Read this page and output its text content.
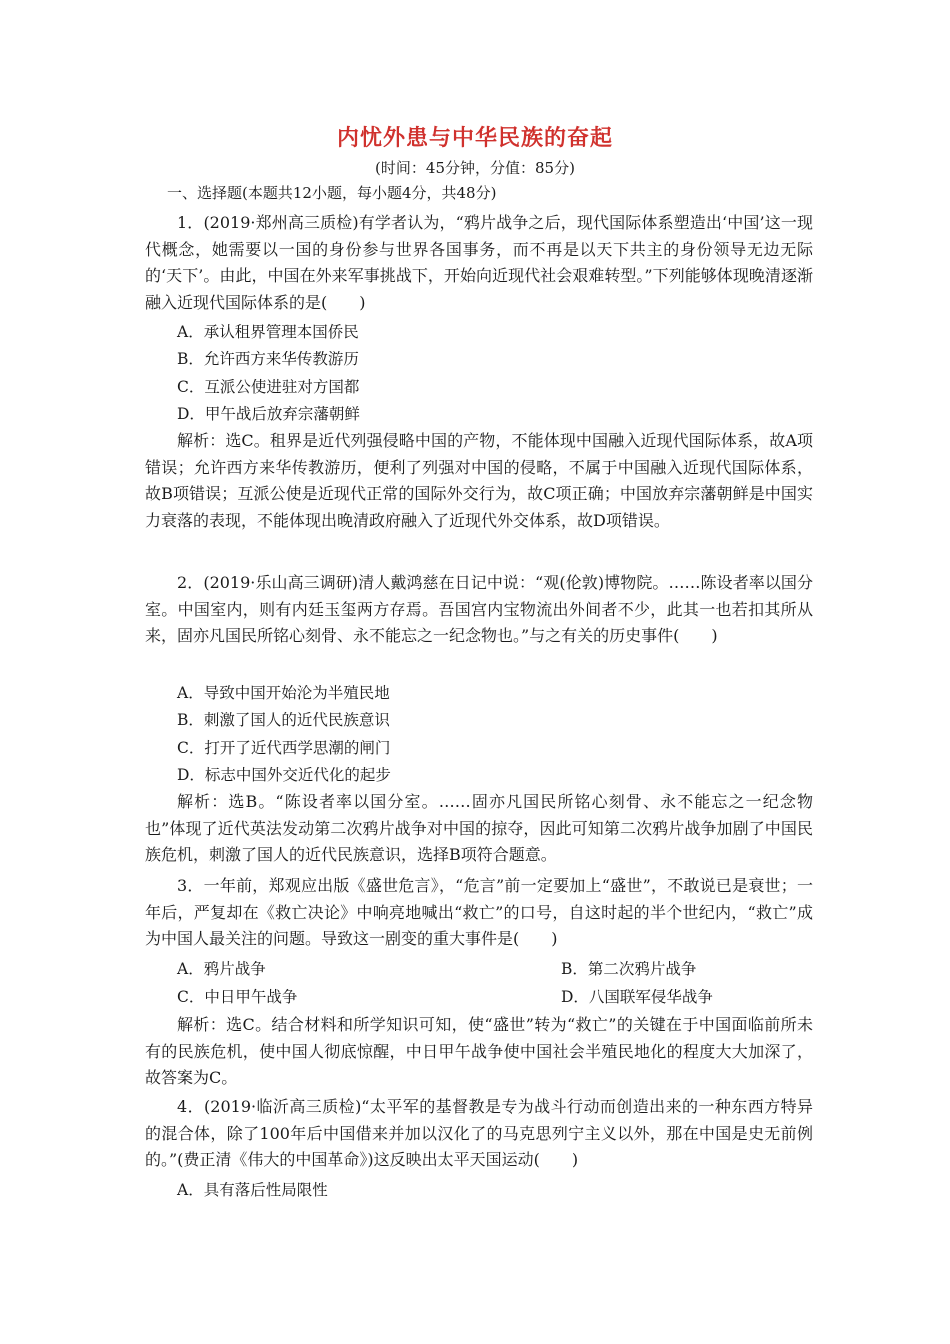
内忧外患与中华民族的奋起
(时间：45分钟，分值：85分)
一、选择题(本题共12小题，每小题4分，共48分)

1．(2019·郑州高三质检)有学者认为，“鸦片战争之后，现代国际体系塑造出‘中国’这一现代概念，她需要以一国的身份参与世界各国事务，而不再是以天下共主的身份领导无边无际的‘天下’。由此，中国在外来军事挑战下，开始向近现代社会艰难转型。”下列能够体现晚清逐渐融入近现代国际体系的是(　　)

A．承认租界管理本国侨民
B．允许西方来华传教游历
C．互派公使进驻对方国都
D．甲午战后放弃宗藩朝鲜

解析：选C。租界是近代列强侵略中国的产物，不能体现中国融入近现代国际体系，故A项错误；允许西方来华传教游历，便利了列强对中国的侵略，不属于中国融入近现代国际体系，故B项错误；互派公使是近现代正常的国际外交行为，故C项正确；中国放弃宗藩朝鲜是中国实力衰落的表现，不能体现出晚清政府融入了近现代外交体系，故D项错误。

2．(2019·乐山高三调研)清人戴鸿慈在日记中说：“观(伦敦)博物院。……陈设者率以国分室。中国室内，则有内廷玉玺两方存焉。吾国宫内宝物流出外间者不少，此其一也若扣其所从来，固亦凡国民所铭心刻骨、永不能忘之一纪念物也。”与之有关的历史事件(　　)

A．导致中国开始沦为半殖民地
B．刺激了国人的近代民族意识
C．打开了近代西学思潮的闸门
D．标志中国外交近代化的起步

解析：选B。“陈设者率以国分室。……固亦凡国民所铭心刻骨、永不能忘之一纪念物也”体现了近代英法发动第二次鸦片战争对中国的掠夺，因此可知第二次鸦片战争加剧了中国民族危机，刺激了国人的近代民族意识，选择B项符合题意。

3．一年前，郑观应出版《盛世危言》，“危言”前一定要加上“盛世”，不敢说已是衰世；一年后，严复却在《救亡决论》中响亮地喊出“救亡”的口号，自这时起的半个世纪内，“救亡”成为中国人最关注的问题。导致这一剧变的重大事件是(　　)

A．鸦片战争	B．第二次鸦片战争
C．中日甲午战争	D．八国联军侵华战争

解析：选C。结合材料和所学知识可知，使“盛世”转为“救亡”的关键在于中国面临前所未有的民族危机，使中国人彻底惊醒，中日甲午战争使中国社会半殖民地化的程度大大加深了，故答案为C。

4．(2019·临沂高三质检)“太平军的基督教是专为战斗行动而创造出来的一种东西方特异的混合体，除了100年后中国借来并加以汉化了的马克思列宁主义以外，那在中国是史无前例的。”(费正清《伟大的中国革命》)这反映出太平天国运动(　　)

A．具有落后性局限性
